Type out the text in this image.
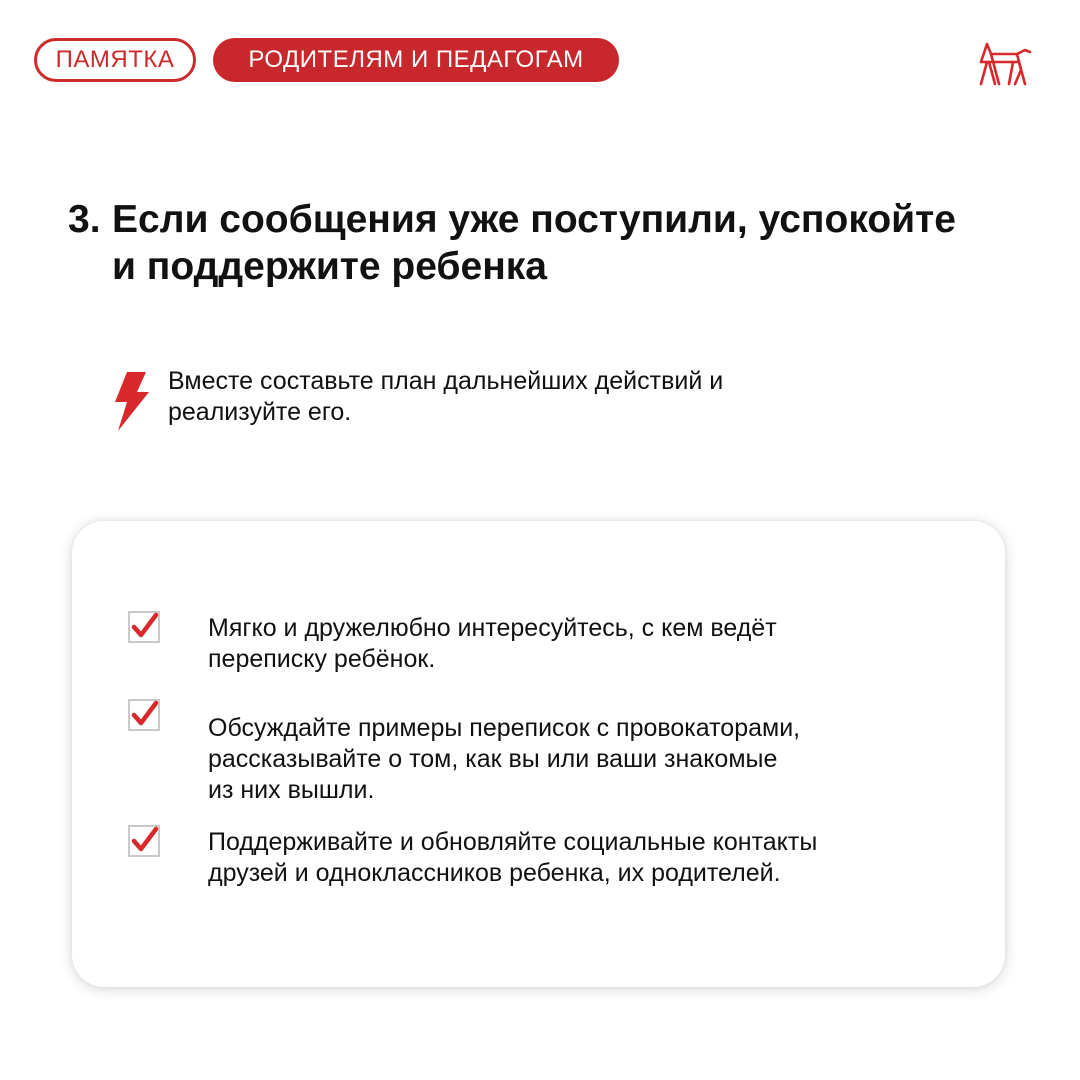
ПАМЯТКА	РОДИТЕЛЯМ И ПЕДАГОГАМ
3. Если сообщения уже поступили, успокойте
и поддержите ребенка
Вместе составьте план дальнейших действий и
реализуйте его.
Мягко и дружелюбно интересуйтесь, с кем ведёт
переписку ребёнок.
Обсуждайте примеры переписок с провокаторами,
рассказывайте о том, как вы или ваши знакомые
из них вышли.
Поддерживайте и обновляйте социальные контакты
друзей и одноклассников ребенка, их родителей.
